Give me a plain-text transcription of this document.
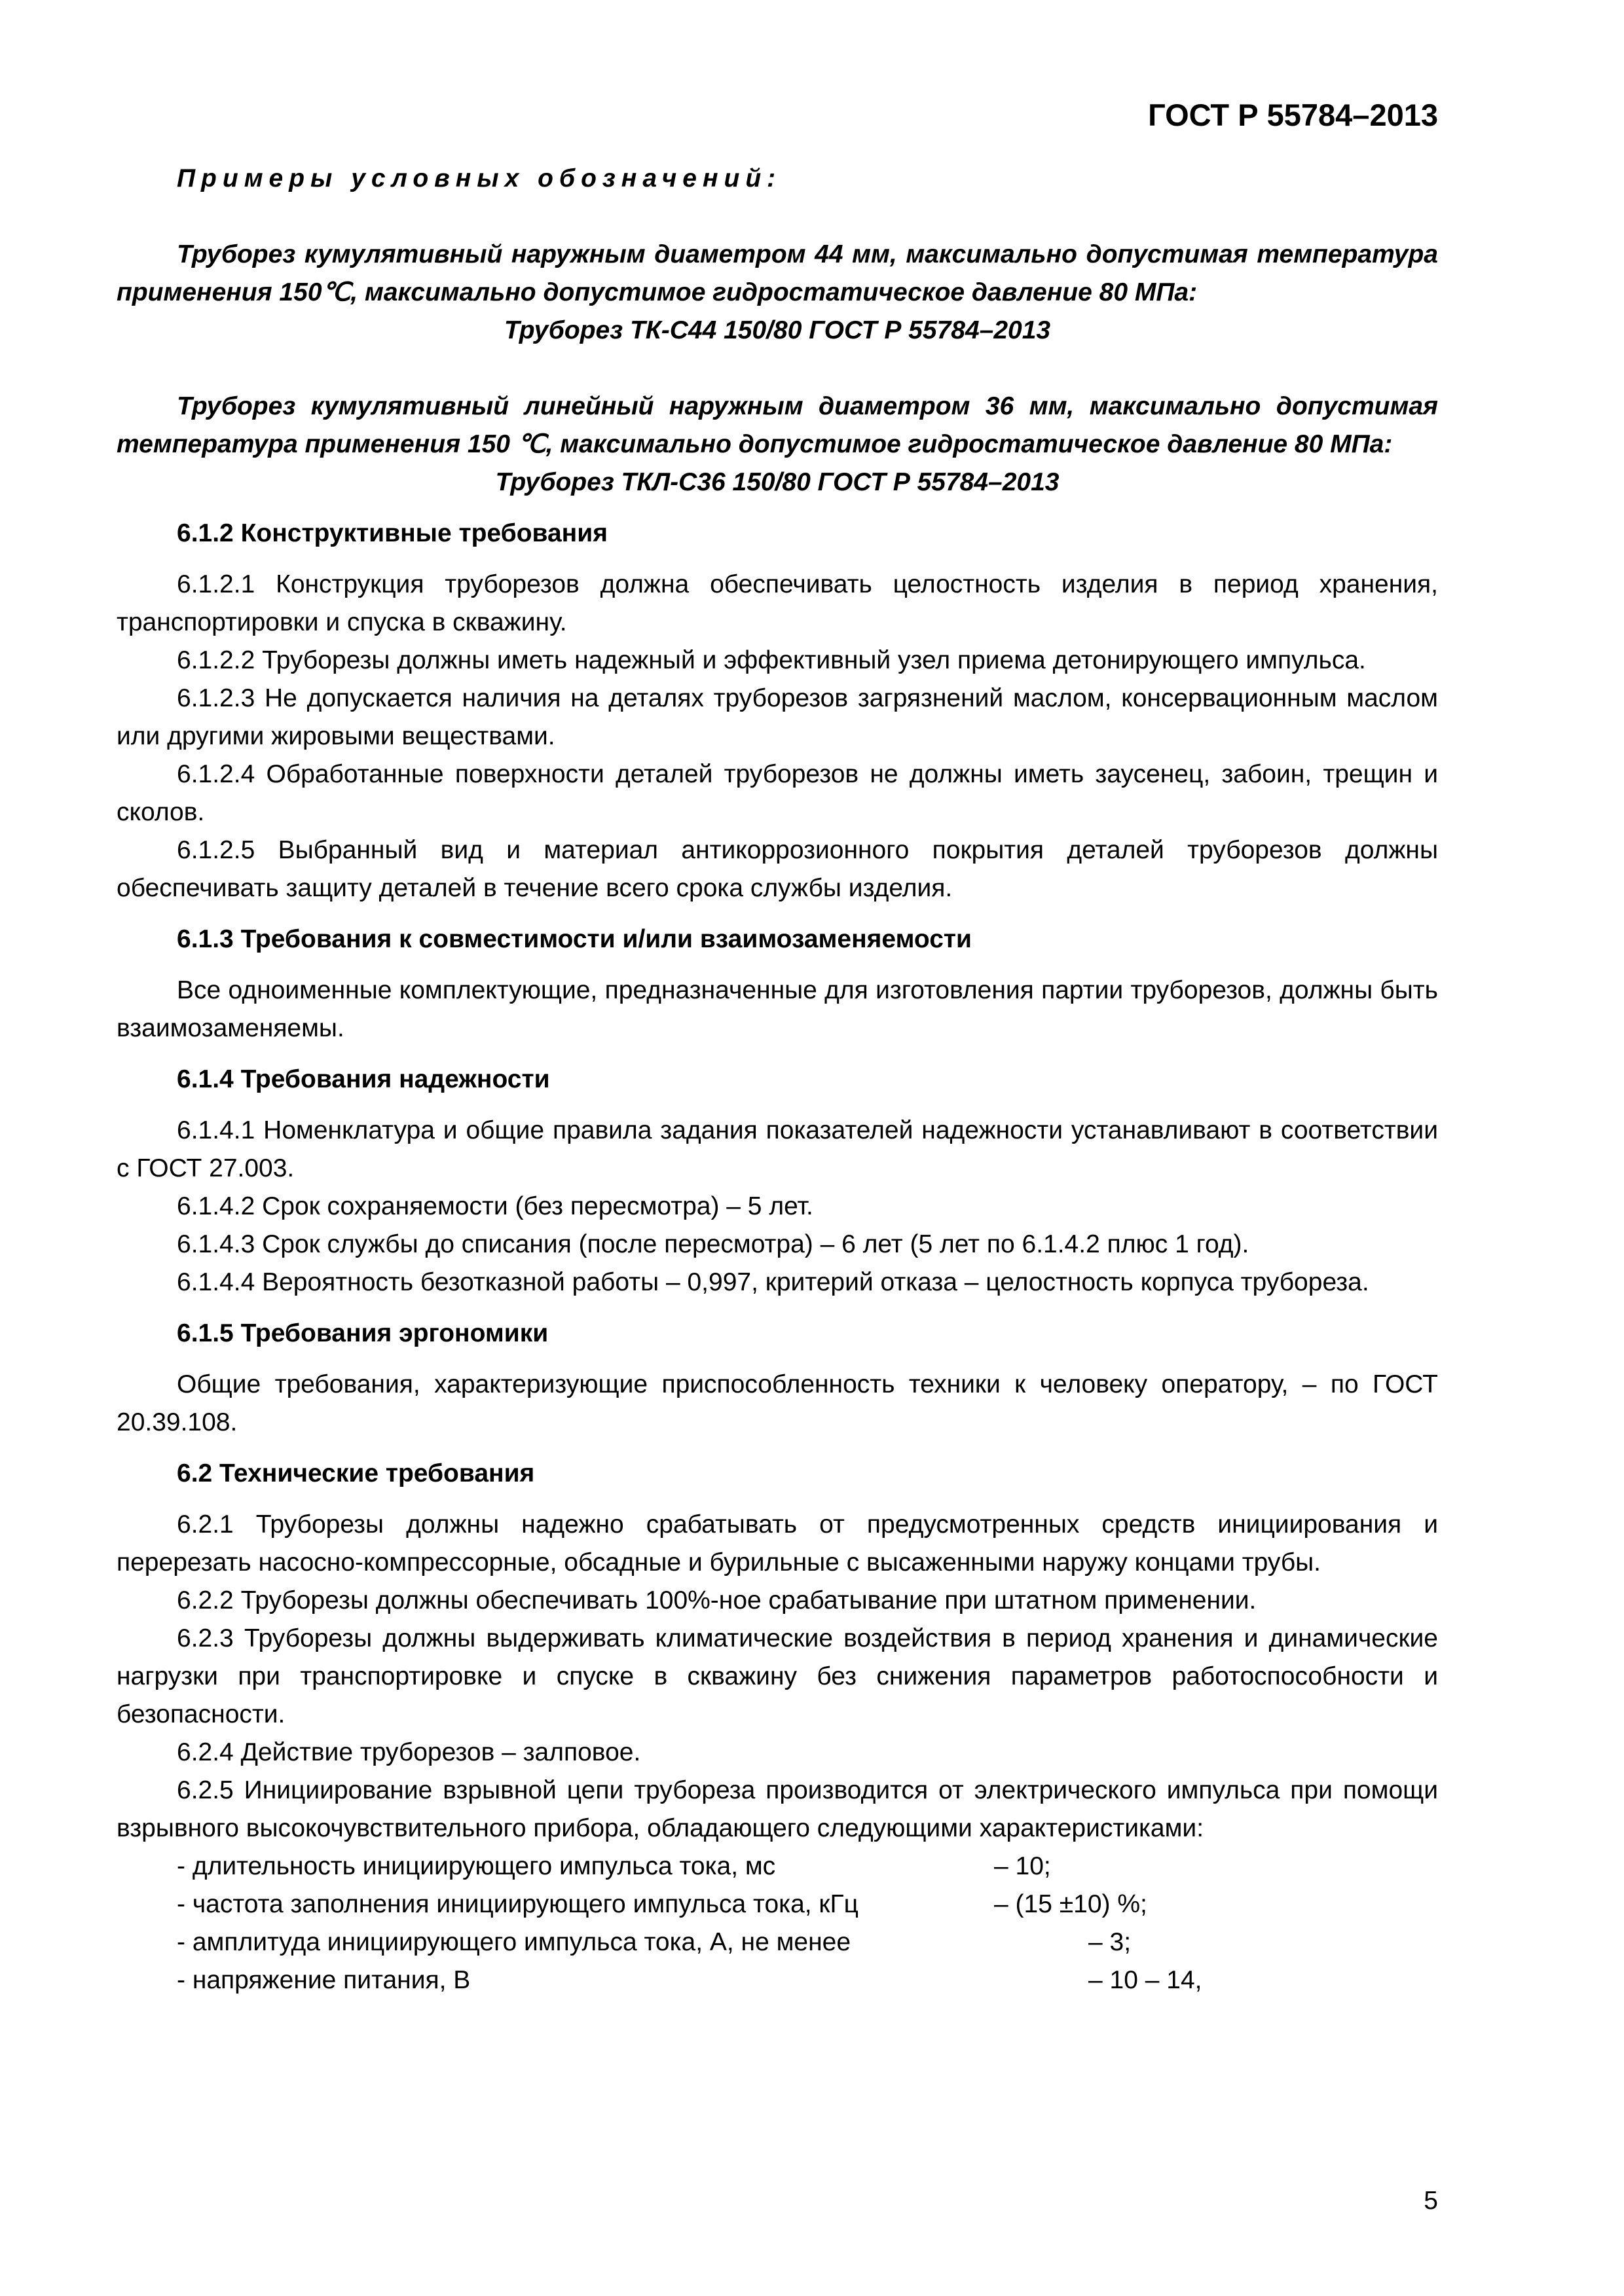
ГОСТ Р 55784–2013

Примеры условных обозначений:

Труборез кумулятивный наружным диаметром 44 мм, максимально допустимая температура применения 150℃, максимально допустимое гидростатическое давление 80 МПа:

Труборез ТК-С44 150/80 ГОСТ Р 55784–2013

Труборез кумулятивный линейный наружным диаметром 36 мм, максимально допустимая температура применения 150 ℃, максимально допустимое гидростатическое давление 80 МПа:

Труборез ТКЛ-С36 150/80 ГОСТ Р 55784–2013

6.1.2 Конструктивные требования

6.1.2.1 Конструкция труборезов должна обеспечивать целостность изделия в период хранения, транспортировки и спуска в скважину.

6.1.2.2 Труборезы должны иметь надежный и эффективный узел приема детонирующего импульса.

6.1.2.3 Не допускается наличия на деталях труборезов загрязнений маслом, консервационным маслом или другими жировыми веществами.

6.1.2.4 Обработанные поверхности деталей труборезов не должны иметь заусенец, забоин, трещин и сколов.

6.1.2.5 Выбранный вид и материал антикоррозионного покрытия деталей труборезов должны обеспечивать защиту деталей в течение всего срока службы изделия.

6.1.3 Требования к совместимости и/или взаимозаменяемости

Все одноименные комплектующие, предназначенные для изготовления партии труборезов, должны быть взаимозаменяемы.

6.1.4 Требования надежности

6.1.4.1 Номенклатура и общие правила задания показателей надежности устанавливают в соответствии с ГОСТ 27.003.

6.1.4.2 Срок сохраняемости (без пересмотра) – 5 лет.

6.1.4.3 Срок службы до списания (после пересмотра) – 6 лет (5 лет по 6.1.4.2 плюс 1 год).

6.1.4.4 Вероятность безотказной работы – 0,997, критерий отказа – целостность корпуса трубореза.

6.1.5 Требования эргономики

Общие требования, характеризующие приспособленность техники к человеку оператору, – по ГОСТ 20.39.108.

6.2 Технические требования

6.2.1 Труборезы должны надежно срабатывать от предусмотренных средств инициирования и перерезать насосно-компрессорные, обсадные и бурильные с высаженными наружу концами трубы.

6.2.2 Труборезы должны обеспечивать 100%-ное срабатывание при штатном применении.

6.2.3 Труборезы должны выдерживать климатические воздействия в период хранения и динамические нагрузки при транспортировке и спуске в скважину без снижения параметров работоспособности и безопасности.

6.2.4 Действие труборезов – залповое.

6.2.5 Инициирование взрывной цепи трубореза производится от электрического импульса при помощи взрывного высокочувствительного прибора, обладающего следующими характеристиками:

- длительность инициирующего импульса тока, мс	– 10;
- частота заполнения инициирующего импульса тока, кГц	– (15 ±10) %;
- амплитуда инициирующего импульса тока, А, не менее	– 3;
- напряжение питания, В	– 10 – 14,
5
